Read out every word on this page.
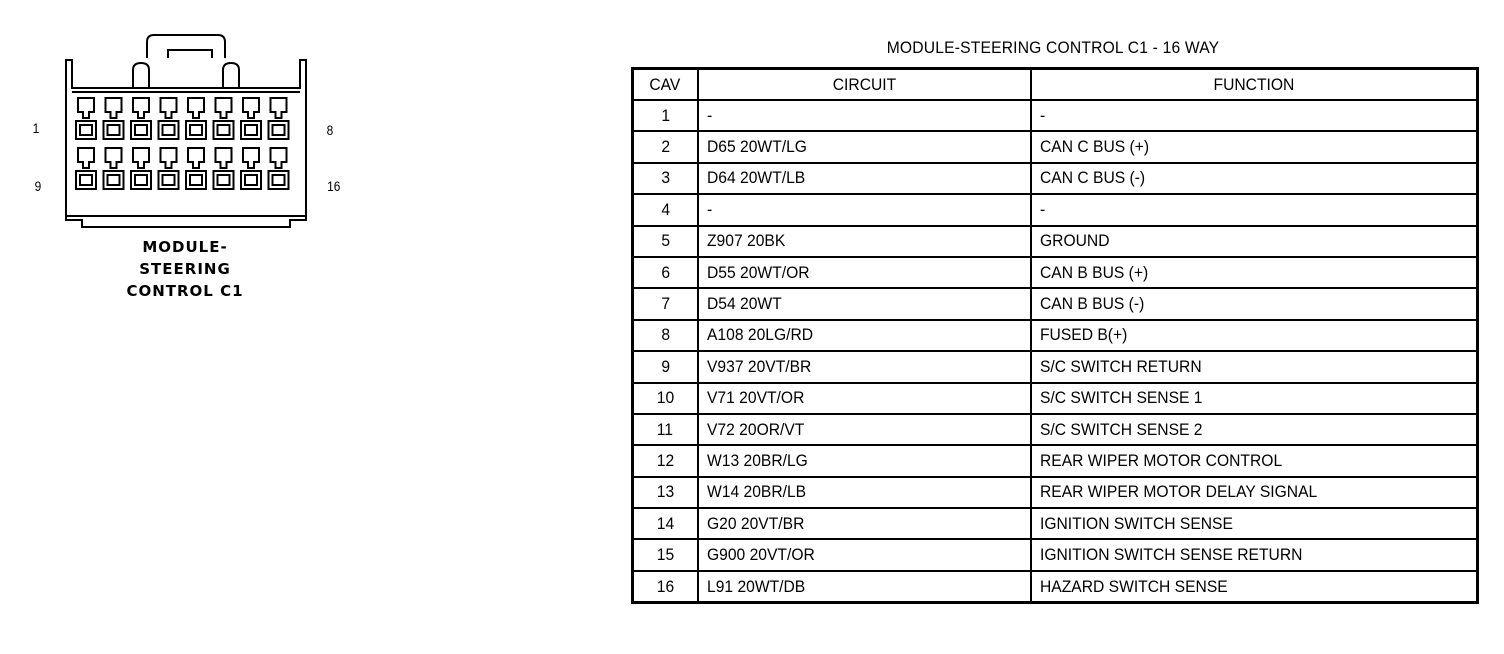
1	8
9	16
MODULE-
STEERING
CONTROL C1
MODULE-STEERING CONTROL C1 - 16 WAY
CAV	CIRCUIT	FUNCTION
1	-	-
2	D65 20WT/LG	CAN C BUS (+)
3	D64 20WT/LB	CAN C BUS (-)
4	-	-
5	Z907 20BK	GROUND
6	D55 20WT/OR	CAN B BUS (+)
7	D54 20WT	CAN B BUS (-)
8	A108 20LG/RD	FUSED B(+)
9	V937 20VT/BR	S/C SWITCH RETURN
10	V71 20VT/OR	S/C SWITCH SENSE 1
11	V72 20OR/VT	S/C SWITCH SENSE 2
12	W13 20BR/LG	REAR WIPER MOTOR CONTROL
13	W14 20BR/LB	REAR WIPER MOTOR DELAY SIGNAL
14	G20 20VT/BR	IGNITION SWITCH SENSE
15	G900 20VT/OR	IGNITION SWITCH SENSE RETURN
16	L91 20WT/DB	HAZARD SWITCH SENSE
